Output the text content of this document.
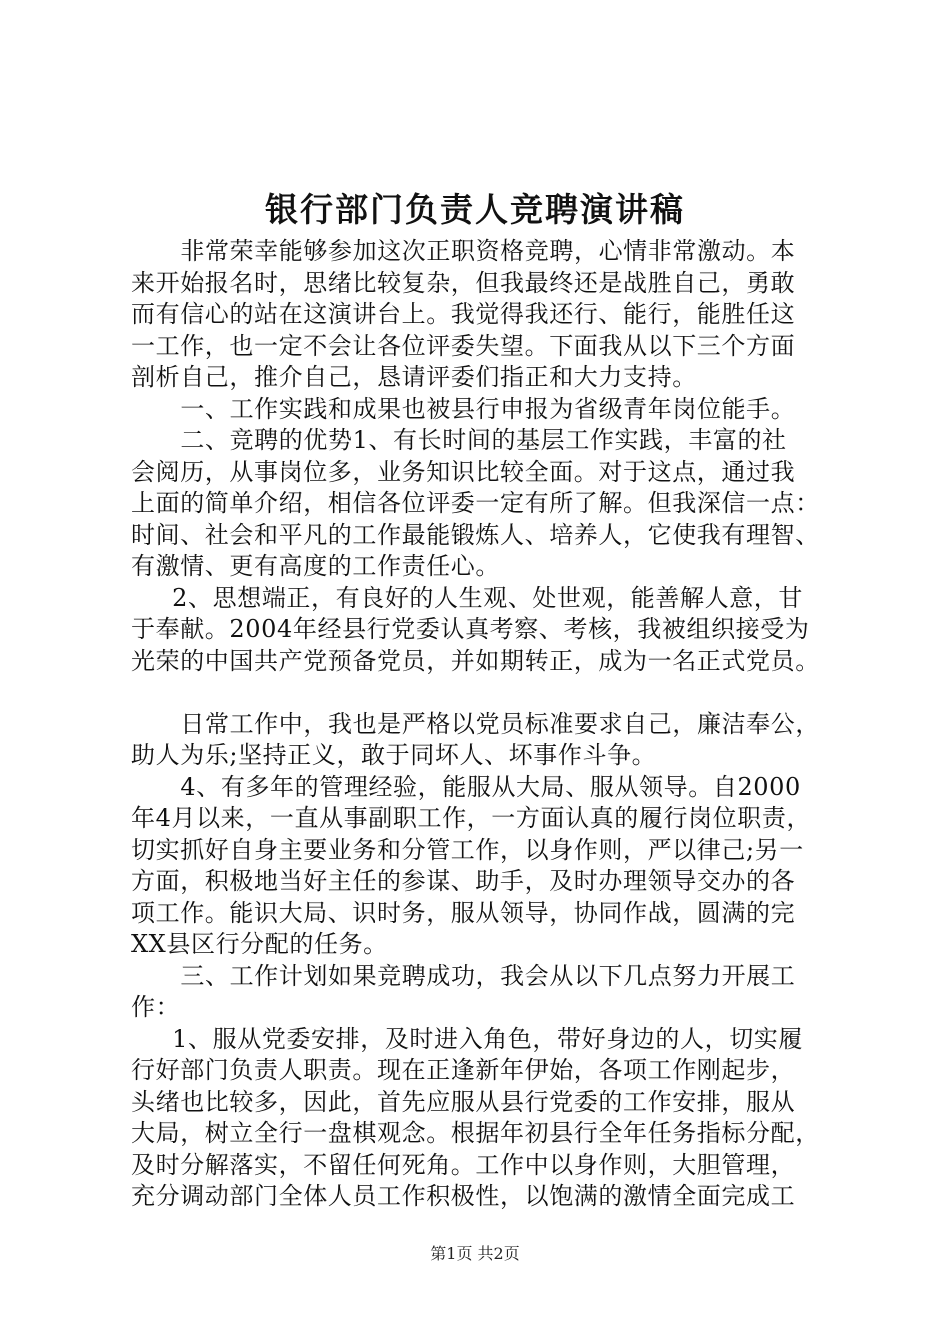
银行部门负责人竞聘演讲稿

非常荣幸能够参加这次正职资格竞聘，心情非常激动。本

来开始报名时，思绪比较复杂，但我最终还是战胜自己，勇敢

而有信心的站在这演讲台上。我觉得我还行、能行，能胜任这

一工作，也一定不会让各位评委失望。下面我从以下三个方面

剖析自己，推介自己，恳请评委们指正和大力支持。

一、工作实践和成果也被县行申报为省级青年岗位能手。

二、竞聘的优势1、有长时间的基层工作实践，丰富的社

会阅历，从事岗位多，业务知识比较全面。对于这点，通过我

上面的简单介绍，相信各位评委一定有所了解。但我深信一点：

时间、社会和平凡的工作最能锻炼人、培养人，它使我有理智、

有激情、更有高度的工作责任心。

2、思想端正，有良好的人生观、处世观，能善解人意，甘

于奉献。2004年经县行党委认真考察、考核，我被组织接受为

光荣的中国共产党预备党员，并如期转正，成为一名正式党员。

日常工作中，我也是严格以党员标准要求自己，廉洁奉公，

助人为乐;坚持正义，敢于同坏人、坏事作斗争。

4、有多年的管理经验，能服从大局、服从领导。自2000

年4月以来，一直从事副职工作，一方面认真的履行岗位职责，

切实抓好自身主要业务和分管工作，以身作则，严以律己;另一

方面，积极地当好主任的参谋、助手，及时办理领导交办的各

项工作。能识大局、识时务，服从领导，协同作战，圆满的完

XX县区行分配的任务。

三、工作计划如果竞聘成功，我会从以下几点努力开展工

作：

1、服从党委安排，及时进入角色，带好身边的人，切实履

行好部门负责人职责。现在正逢新年伊始，各项工作刚起步，

头绪也比较多，因此，首先应服从县行党委的工作安排，服从

大局，树立全行一盘棋观念。根据年初县行全年任务指标分配，

及时分解落实，不留任何死角。工作中以身作则，大胆管理，

充分调动部门全体人员工作积极性，以饱满的激情全面完成工

第1页 共2页
